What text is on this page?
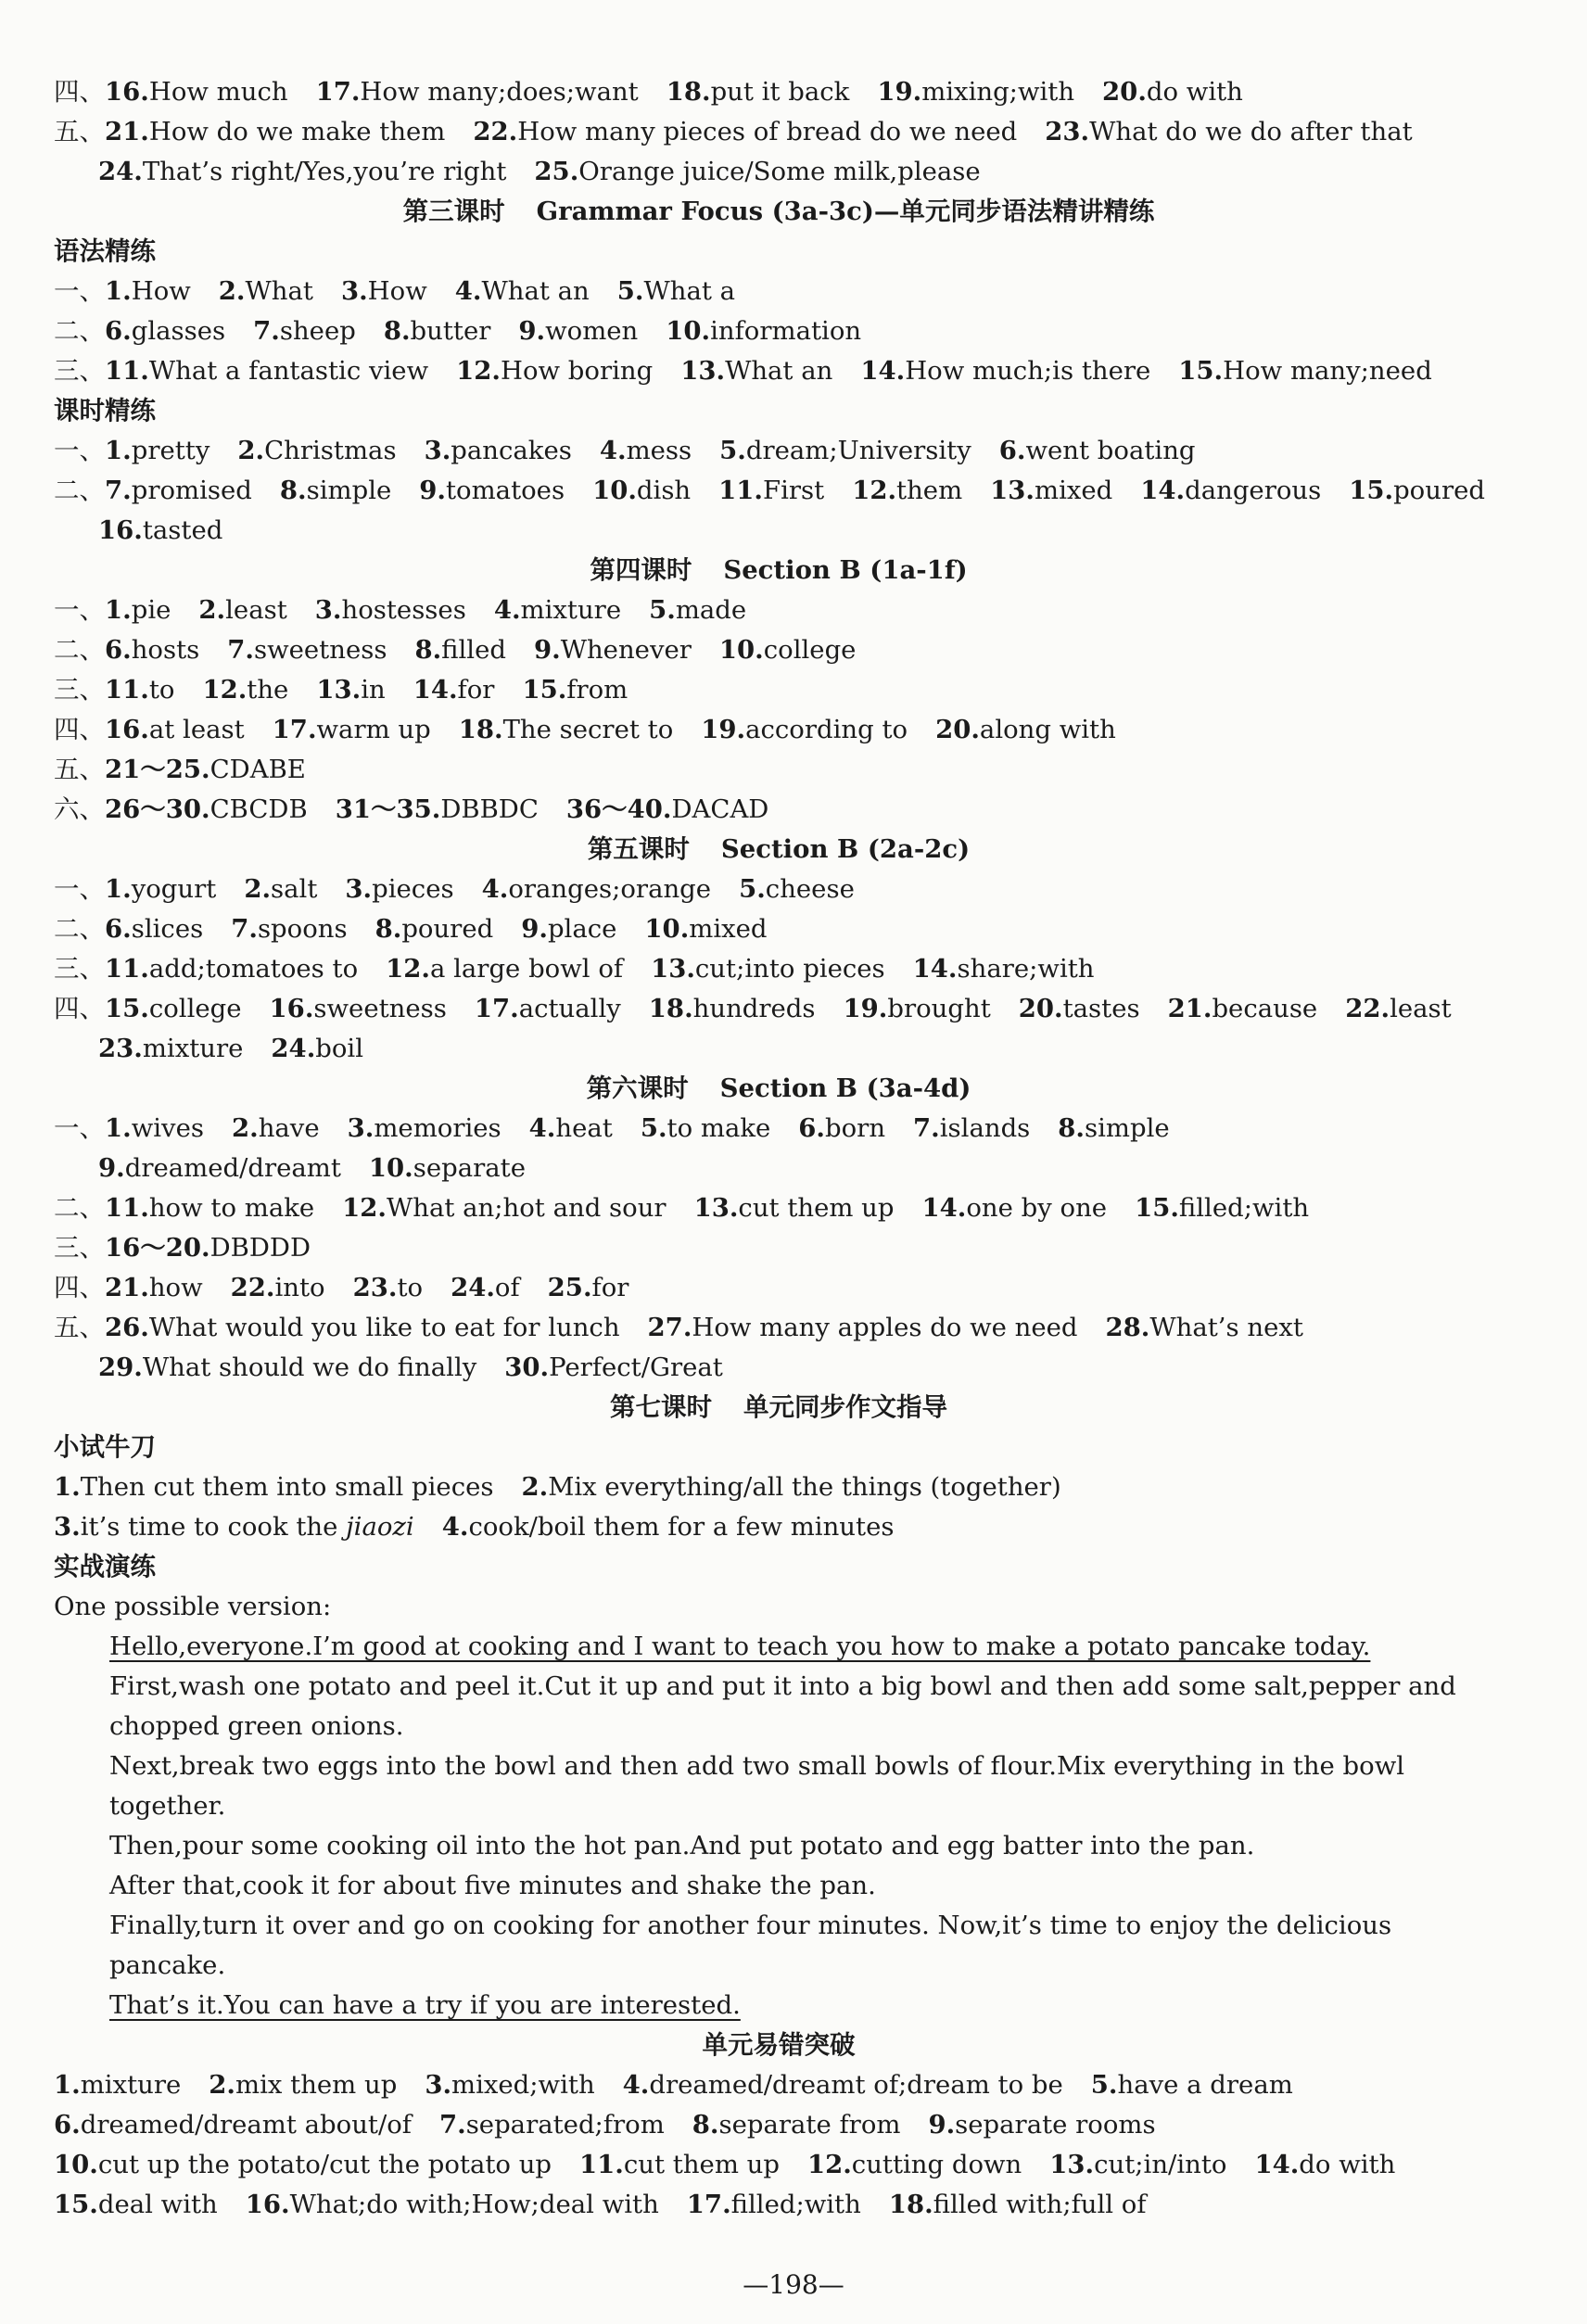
四、16.How much 17.How many;does;want 18.put it back 19.mixing;with 20.do with
五、21.How do we make them 22.How many pieces of bread do we need 23.What do we do after that
24.That’s right/Yes,you’re right 25.Orange juice/Some milk,please
第三课时 Grammar Focus (3a-3c)—单元同步语法精讲精练
语法精练
一、1.How 2.What 3.How 4.What an 5.What a
二、6.glasses 7.sheep 8.butter 9.women 10.information
三、11.What a fantastic view 12.How boring 13.What an 14.How much;is there 15.How many;need
课时精练
一、1.pretty 2.Christmas 3.pancakes 4.mess 5.dream;University 6.went boating
二、7.promised 8.simple 9.tomatoes 10.dish 11.First 12.them 13.mixed 14.dangerous 15.poured
16.tasted
第四课时 Section B (1a-1f)
一、1.pie 2.least 3.hostesses 4.mixture 5.made
二、6.hosts 7.sweetness 8.filled 9.Whenever 10.college
三、11.to 12.the 13.in 14.for 15.from
四、16.at least 17.warm up 18.The secret to 19.according to 20.along with
五、21～25.CDABE
六、26～30.CBCDB 31～35.DBBDC 36～40.DACAD
第五课时 Section B (2a-2c)
一、1.yogurt 2.salt 3.pieces 4.oranges;orange 5.cheese
二、6.slices 7.spoons 8.poured 9.place 10.mixed
三、11.add;tomatoes to 12.a large bowl of 13.cut;into pieces 14.share;with
四、15.college 16.sweetness 17.actually 18.hundreds 19.brought 20.tastes 21.because 22.least
23.mixture 24.boil
第六课时 Section B (3a-4d)
一、1.wives 2.have 3.memories 4.heat 5.to make 6.born 7.islands 8.simple
9.dreamed/dreamt 10.separate
二、11.how to make 12.What an;hot and sour 13.cut them up 14.one by one 15.filled;with
三、16～20.DBDDD
四、21.how 22.into 23.to 24.of 25.for
五、26.What would you like to eat for lunch 27.How many apples do we need 28.What’s next
29.What should we do finally 30.Perfect/Great
第七课时 单元同步作文指导
小试牛刀
1.Then cut them into small pieces 2.Mix everything/all the things (together)
3.it’s time to cook the jiaozi 4.cook/boil them for a few minutes
实战演练
One possible version:
Hello,everyone.I’m good at cooking and I want to teach you how to make a potato pancake today.
First,wash one potato and peel it.Cut it up and put it into a big bowl and then add some salt,pepper and chopped green onions.
Next,break two eggs into the bowl and then add two small bowls of flour.Mix everything in the bowl together.
Then,pour some cooking oil into the hot pan.And put potato and egg batter into the pan.
After that,cook it for about five minutes and shake the pan.
Finally,turn it over and go on cooking for another four minutes. Now,it’s time to enjoy the delicious pancake.
That’s it.You can have a try if you are interested.
单元易错突破
1.mixture 2.mix them up 3.mixed;with 4.dreamed/dreamt of;dream to be 5.have a dream
6.dreamed/dreamt about/of 7.separated;from 8.separate from 9.separate rooms
10.cut up the potato/cut the potato up 11.cut them up 12.cutting down 13.cut;in/into 14.do with
15.deal with 16.What;do with;How;deal with 17.filled;with 18.filled with;full of
—198—
